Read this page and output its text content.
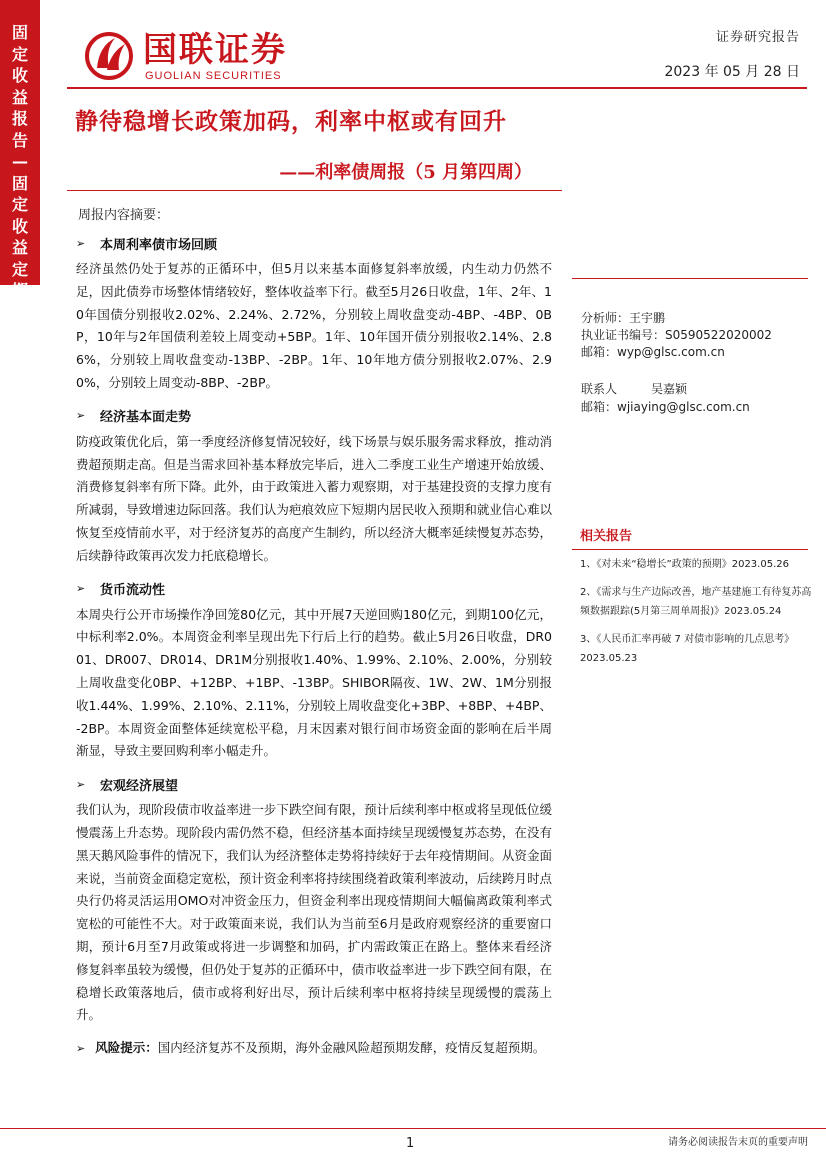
固
定
收
益
报
告
—
固
定
收
益
定
期
国联证券
GUOLIAN SECURITIES
证券研究报告
2023 年 05 月 28 日
静待稳增长政策加码，利率中枢或有回升
——利率债周报（5 月第四周）
周报内容摘要：
➢	本周利率债市场回顾

经济虽然仍处于复苏的正循环中，但5月以来基本面修复斜率放缓，内生动力仍然不足，因此债券市场整体情绪较好，整体收益率下行。截至5月26日收盘，1年、2年、10年国债分别报收2.02%、2.24%、2.72%，分别较上周收盘变动-4BP、-4BP、0BP，10年与2年国债利差较上周变动+5BP。1年、10年国开债分别报收2.14%、2.86%，分别较上周收盘变动-13BP、-2BP。1年、10年地方债分别报收2.07%、2.90%，分别较上周变动-8BP、-2BP。

➢	经济基本面走势

防疫政策优化后，第一季度经济修复情况较好，线下场景与娱乐服务需求释放，推动消费超预期走高。但是当需求回补基本释放完毕后，进入二季度工业生产增速开始放缓、消费修复斜率有所下降。此外，由于政策进入蓄力观察期，对于基建投资的支撑力度有所减弱，导致增速边际回落。我们认为疤痕效应下短期内居民收入预期和就业信心难以恢复至疫情前水平，对于经济复苏的高度产生制约，所以经济大概率延续慢复苏态势，后续静待政策再次发力托底稳增长。

➢	货币流动性

本周央行公开市场操作净回笼80亿元，其中开展7天逆回购180亿元，到期100亿元，中标利率2.0%。本周资金利率呈现出先下行后上行的趋势。截止5月26日收盘，DR001、DR007、DR014、DR1M分别报收1.40%、1.99%、2.10%、2.00%，分别较上周收盘变化0BP、+12BP、+1BP、-13BP。SHIBOR隔夜、1W、2W、1M分别报收1.44%、1.99%、2.10%、2.11%，分别较上周收盘变化+3BP、+8BP、+4BP、-2BP。本周资金面整体延续宽松平稳，月末因素对银行间市场资金面的影响在后半周渐显，导致主要回购利率小幅走升。

➢	宏观经济展望

我们认为，现阶段债市收益率进一步下跌空间有限，预计后续利率中枢或将呈现低位缓慢震荡上升态势。现阶段内需仍然不稳，但经济基本面持续呈现缓慢复苏态势，在没有黑天鹅风险事件的情况下，我们认为经济整体走势将持续好于去年疫情期间。从资金面来说，当前资金面稳定宽松，预计资金利率将持续围绕着政策利率波动，后续跨月时点央行仍将灵活运用OMO对冲资金压力，但资金利率出现疫情期间大幅偏离政策利率式宽松的可能性不大。对于政策面来说，我们认为当前至6月是政府观察经济的重要窗口期，预计6月至7月政策或将进一步调整和加码，扩内需政策正在路上。整体来看经济修复斜率虽较为缓慢，但仍处于复苏的正循环中，债市收益率进一步下跌空间有限，在稳增长政策落地后，债市或将利好出尽，预计后续利率中枢将持续呈现缓慢的震荡上升。

➢ 风险提示：国内经济复苏不及预期，海外金融风险超预期发酵，疫情反复超预期。
分析师：王宇鹏
执业证书编号：S0590522020002
邮箱：wyp@glsc.com.cn
联系人	吴嘉颖
邮箱：wjiaying@glsc.com.cn
相关报告
1、《对未来“稳增长”政策的预期》2023.05.26
2、《需求与生产边际改善，地产基建施工有待复苏高频数据跟踪(5月第三周单周报)》2023.05.24
3、《人民币汇率再破 7 对债市影响的几点思考》2023.05.23
1	请务必阅读报告末页的重要声明
